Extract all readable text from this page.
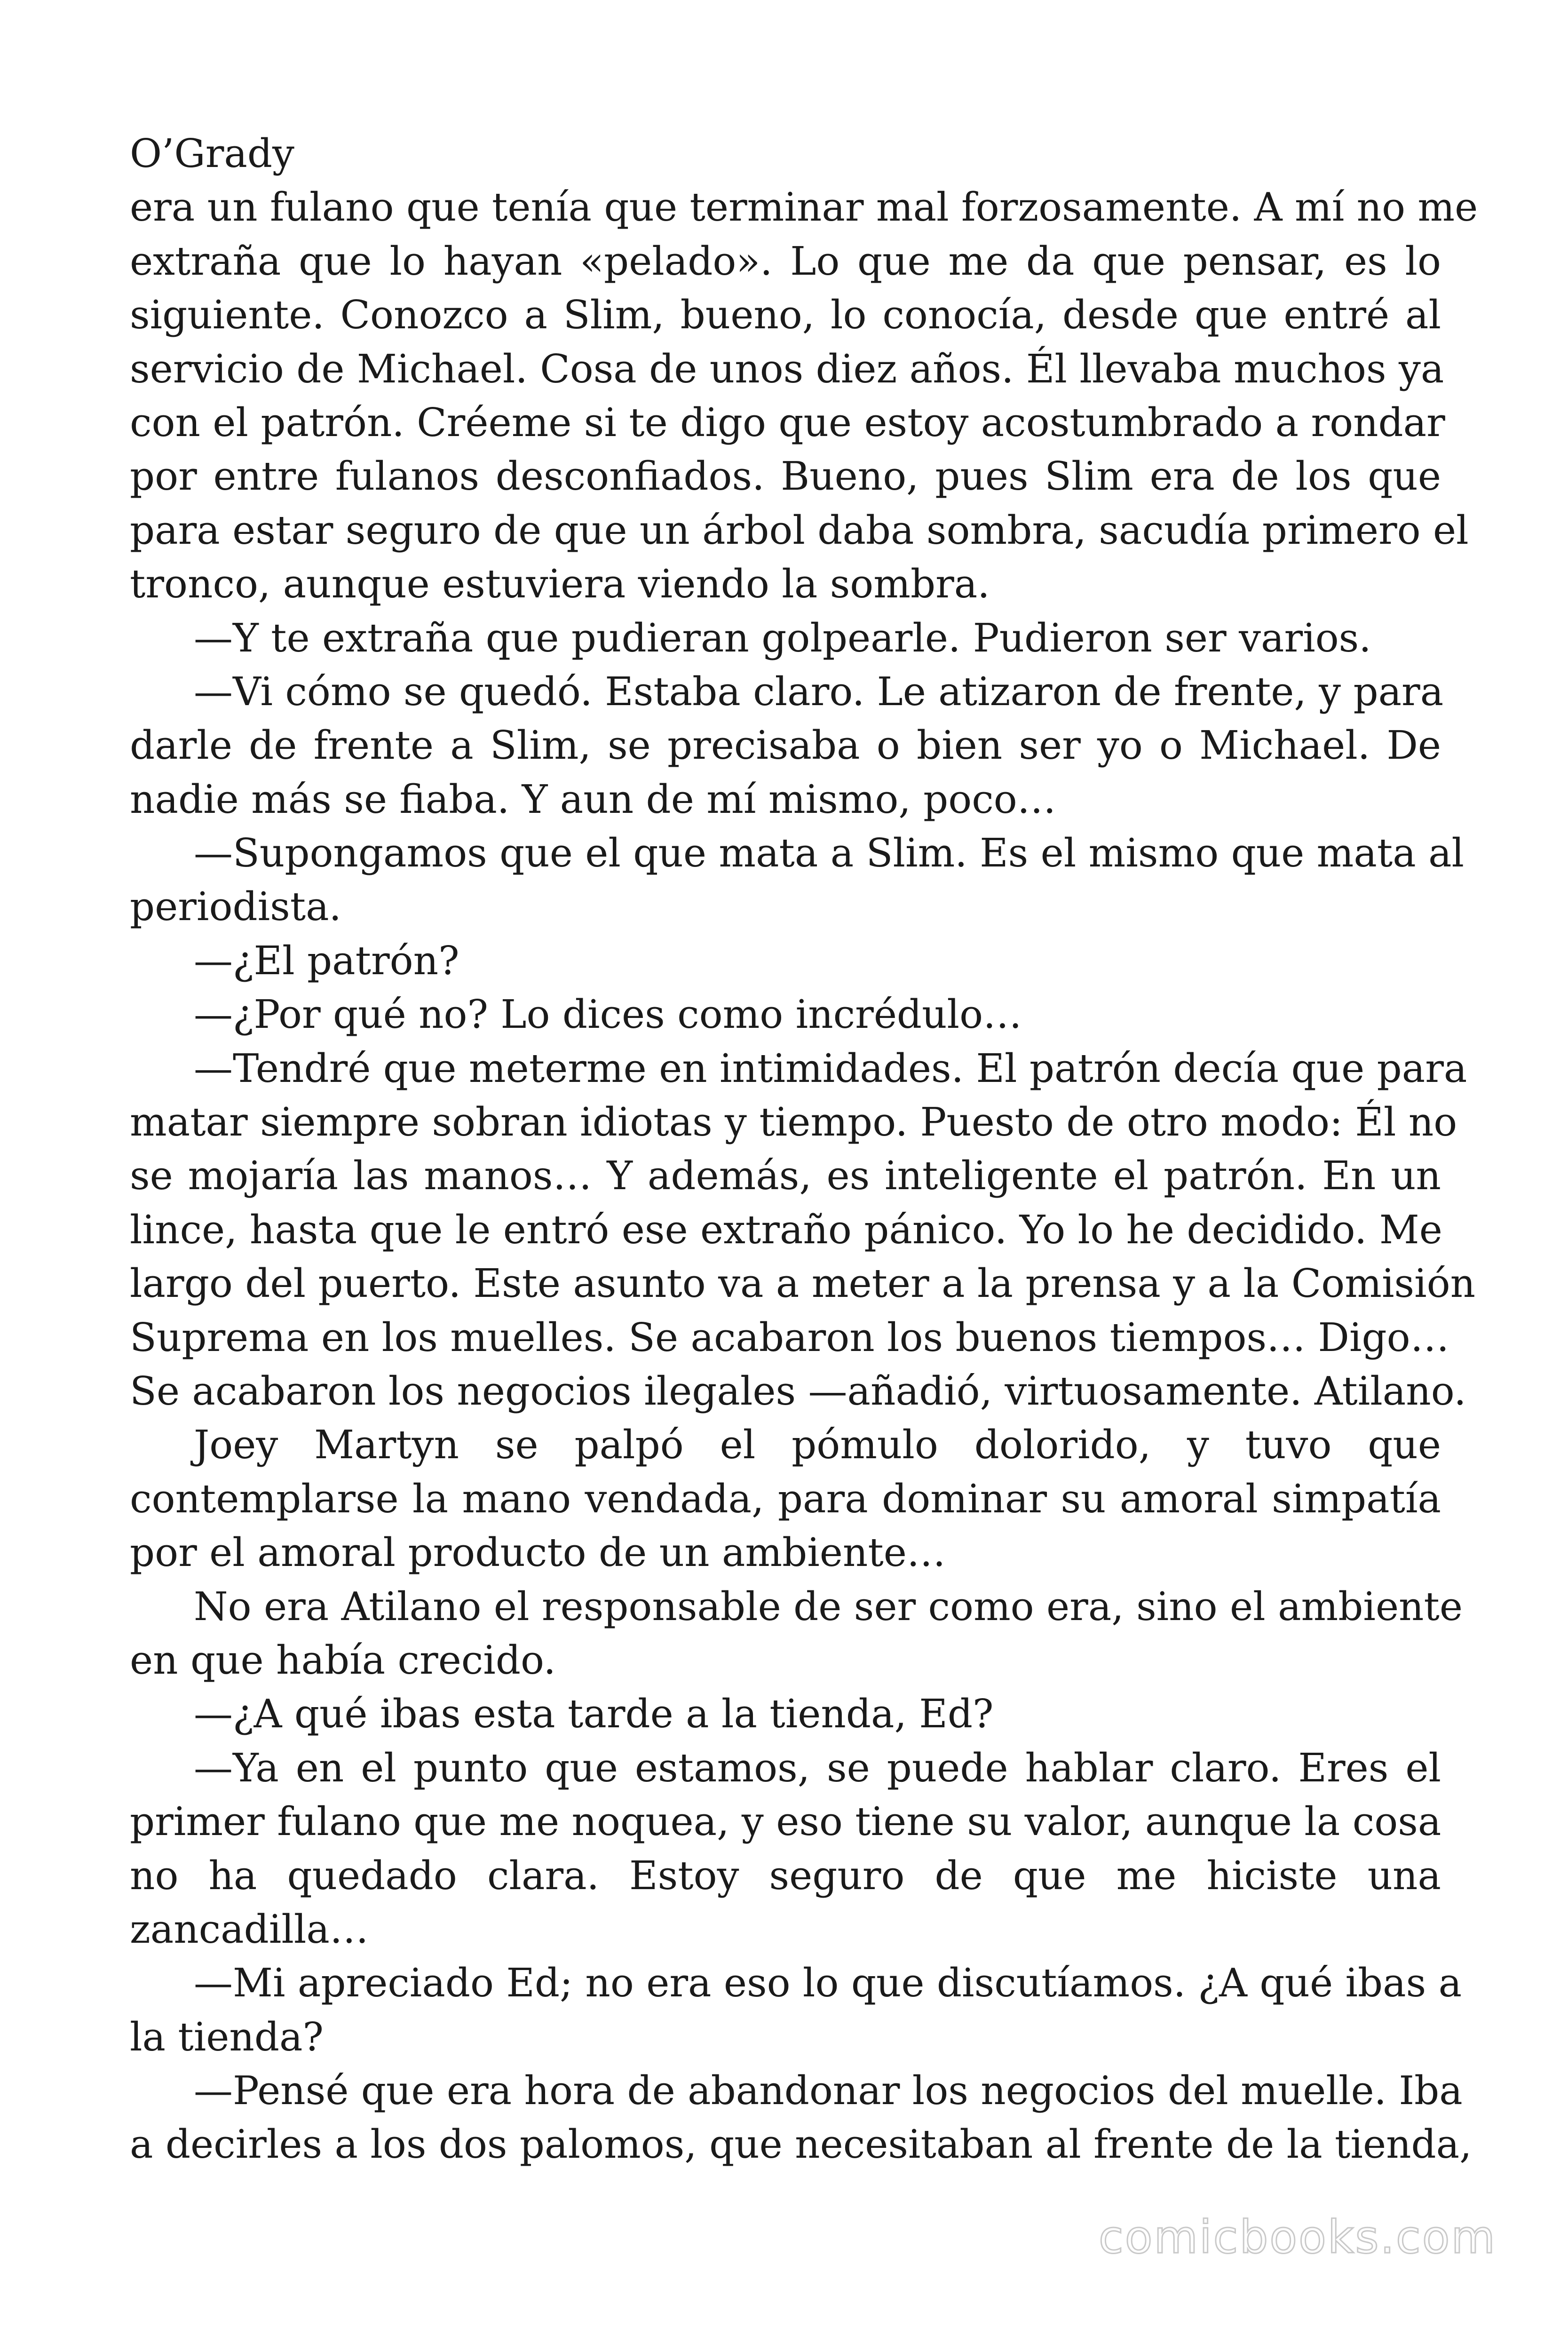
O’Grady
era un fulano que tenía que terminar mal forzosamente. A mí no me
extraña que lo hayan «pelado». Lo que me da que pensar, es lo
siguiente. Conozco a Slim, bueno, lo conocía, desde que entré al
servicio de Michael. Cosa de unos diez años. Él llevaba muchos ya
con el patrón. Créeme si te digo que estoy acostumbrado a rondar
por entre fulanos desconfiados. Bueno, pues Slim era de los que
para estar seguro de que un árbol daba sombra, sacudía primero el
tronco, aunque estuviera viendo la sombra.
—Y te extraña que pudieran golpearle. Pudieron ser varios.
—Vi cómo se quedó. Estaba claro. Le atizaron de frente, y para
darle de frente a Slim, se precisaba o bien ser yo o Michael. De
nadie más se fiaba. Y aun de mí mismo, poco…
—Supongamos que el que mata a Slim. Es el mismo que mata al
periodista.
—¿El patrón?
—¿Por qué no? Lo dices como incrédulo…
—Tendré que meterme en intimidades. El patrón decía que para
matar siempre sobran idiotas y tiempo. Puesto de otro modo: Él no
se mojaría las manos… Y además, es inteligente el patrón. En un
lince, hasta que le entró ese extraño pánico. Yo lo he decidido. Me
largo del puerto. Este asunto va a meter a la prensa y a la Comisión
Suprema en los muelles. Se acabaron los buenos tiempos… Digo…
Se acabaron los negocios ilegales —añadió, virtuosamente. Atilano.
Joey Martyn se palpó el pómulo dolorido, y tuvo que
contemplarse la mano vendada, para dominar su amoral simpatía
por el amoral producto de un ambiente…
No era Atilano el responsable de ser como era, sino el ambiente
en que había crecido.
—¿A qué ibas esta tarde a la tienda, Ed?
—Ya en el punto que estamos, se puede hablar claro. Eres el
primer fulano que me noquea, y eso tiene su valor, aunque la cosa
no ha quedado clara. Estoy seguro de que me hiciste una
zancadilla…
—Mi apreciado Ed; no era eso lo que discutíamos. ¿A qué ibas a
la tienda?
—Pensé que era hora de abandonar los negocios del muelle. Iba
a decirles a los dos palomos, que necesitaban al frente de la tienda,
comicbooks.com
